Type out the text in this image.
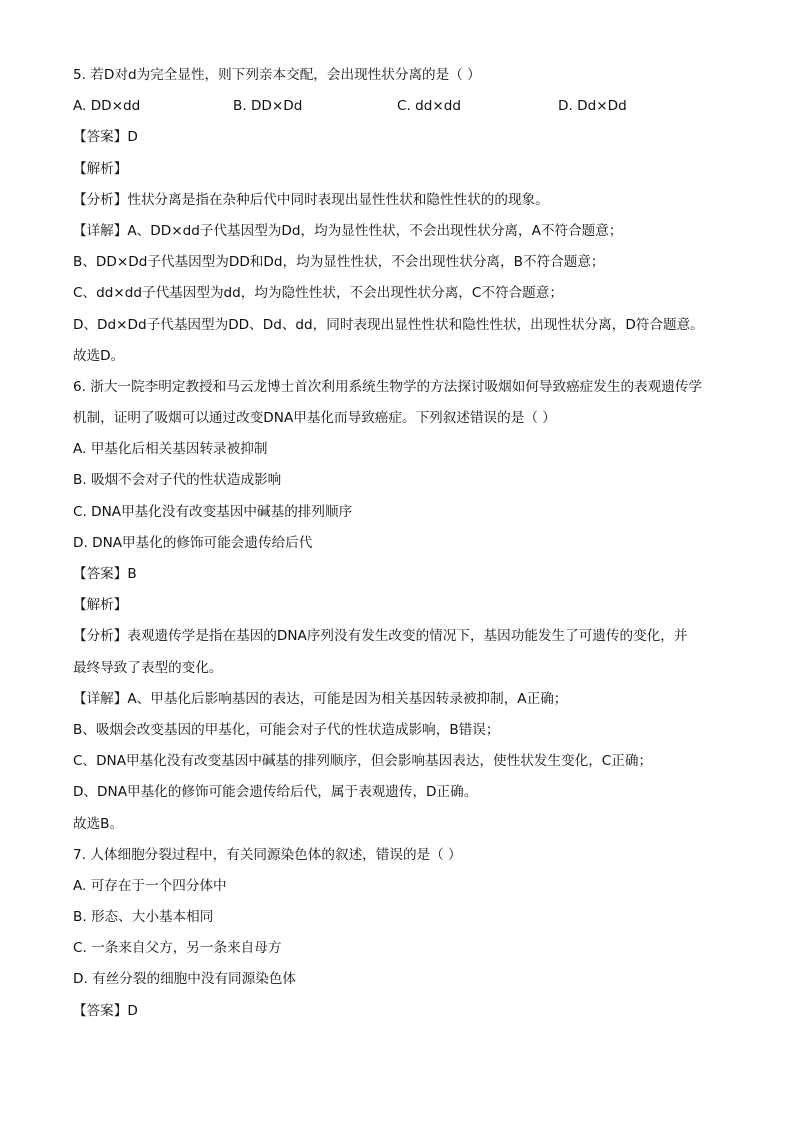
5. 若D对d为完全显性，则下列亲本交配，会出现性状分离的是（ ）
A. DD×dd	B. DD×Dd	C. dd×dd	D. Dd×Dd
【答案】D
【解析】
【分析】性状分离是指在杂种后代中同时表现出显性性状和隐性性状的的现象。
【详解】A、DD×dd子代基因型为Dd，均为显性性状，不会出现性状分离，A不符合题意；
B、DD×Dd子代基因型为DD和Dd，均为显性性状，不会出现性状分离，B不符合题意；
C、dd×dd子代基因型为dd，均为隐性性状，不会出现性状分离，C不符合题意；
D、Dd×Dd子代基因型为DD、Dd、dd，同时表现出显性性状和隐性性状，出现性状分离，D符合题意。
故选D。
6. 浙大一院李明定教授和马云龙博士首次利用系统生物学的方法探讨吸烟如何导致癌症发生的表观遗传学
机制，证明了吸烟可以通过改变DNA甲基化而导致癌症。下列叙述错误的是（ ）
A. 甲基化后相关基因转录被抑制
B. 吸烟不会对子代的性状造成影响
C. DNA甲基化没有改变基因中碱基的排列顺序
D. DNA甲基化的修饰可能会遗传给后代
【答案】B
【解析】
【分析】表观遗传学是指在基因的DNA序列没有发生改变的情况下，基因功能发生了可遗传的变化，并
最终导致了表型的变化。
【详解】A、甲基化后影响基因的表达，可能是因为相关基因转录被抑制，A正确；
B、吸烟会改变基因的甲基化，可能会对子代的性状造成影响，B错误；
C、DNA甲基化没有改变基因中碱基的排列顺序，但会影响基因表达，使性状发生变化，C正确；
D、DNA甲基化的修饰可能会遗传给后代，属于表观遗传，D正确。
故选B。
7. 人体细胞分裂过程中，有关同源染色体的叙述，错误的是（ ）
A. 可存在于一个四分体中
B. 形态、大小基本相同
C. 一条来自父方，另一条来自母方
D. 有丝分裂的细胞中没有同源染色体
【答案】D
